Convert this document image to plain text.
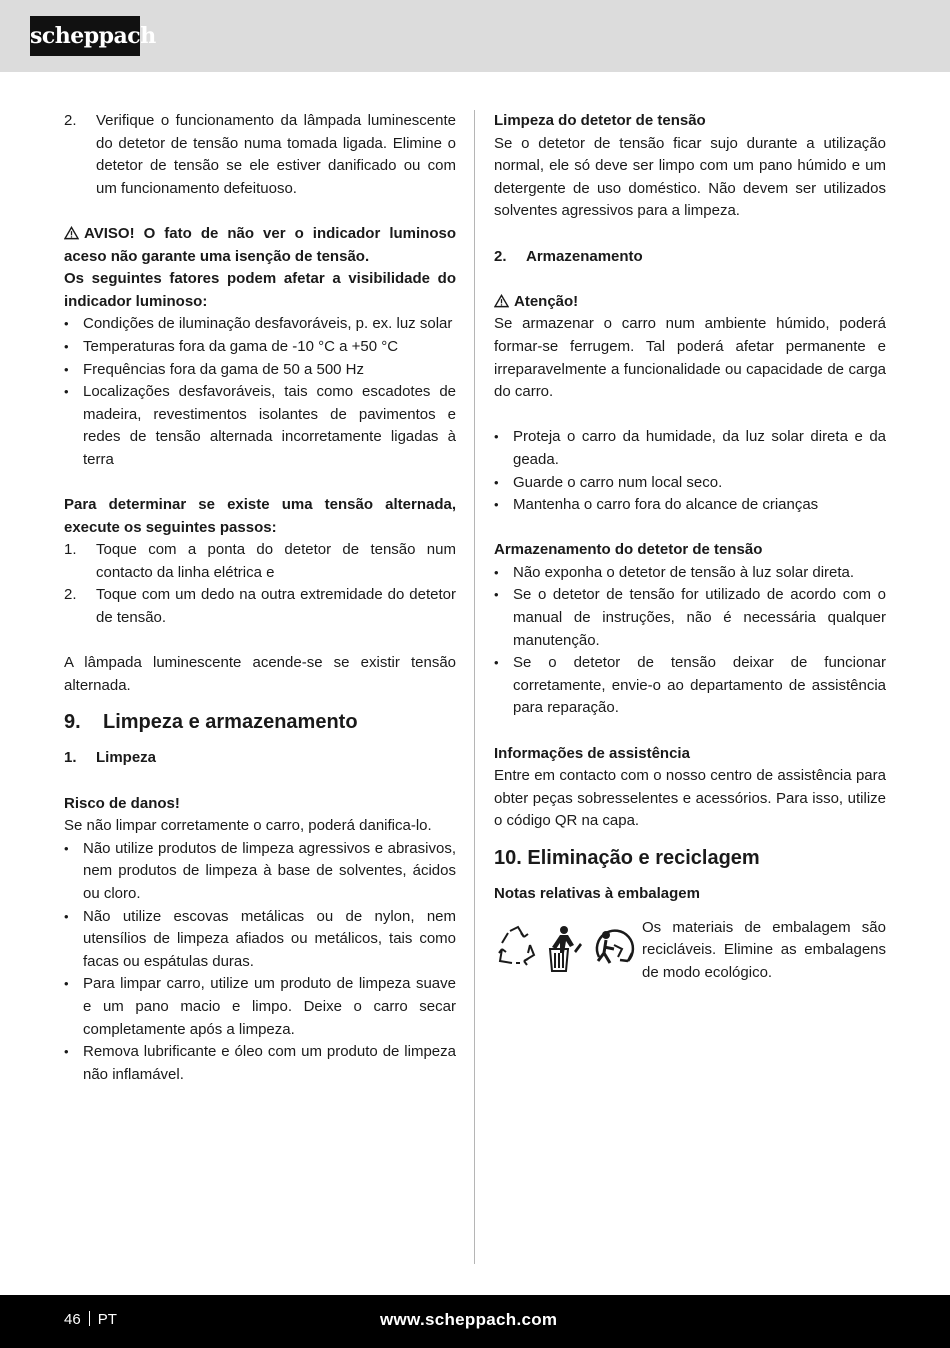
scheppach
2. Verifique o funcionamento da lâmpada luminescente do detetor de tensão numa tomada ligada. Elimine o detetor de tensão se ele estiver danificado ou com um funcionamento defeituoso.

AVISO! O fato de não ver o indicador luminoso aceso não garante uma isenção de tensão.

Os seguintes fatores podem afetar a visibilidade do indicador luminoso:

• Condições de iluminação desfavoráveis, p. ex. luz solar
• Temperaturas fora da gama de -10 °C a +50 °C
• Frequências fora da gama de 50 a 500 Hz
• Localizações desfavoráveis, tais como escadotes de madeira, revestimentos isolantes de pavimentos e redes de tensão alternada incorretamente ligadas à terra

Para determinar se existe uma tensão alternada, execute os seguintes passos:

1. Toque com a ponta do detetor de tensão num contacto da linha elétrica e
2. Toque com um dedo na outra extremidade do detetor de tensão.

A lâmpada luminescente acende-se se existir tensão alternada.

9. Limpeza e armazenamento
1. Limpeza

Risco de danos!

Se não limpar corretamente o carro, poderá danifica-lo.

• Não utilize produtos de limpeza agressivos e abrasivos, nem produtos de limpeza à base de solventes, ácidos ou cloro.
• Não utilize escovas metálicas ou de nylon, nem utensílios de limpeza afiados ou metálicos, tais como facas ou espátulas duras.
• Para limpar carro, utilize um produto de limpeza suave e um pano macio e limpo. Deixe o carro secar completamente após a limpeza.
• Remova lubrificante e óleo com um produto de limpeza não inflamável.

Limpeza do detetor de tensão

Se o detetor de tensão ficar sujo durante a utilização normal, ele só deve ser limpo com um pano húmido e um detergente de uso doméstico. Não devem ser utilizados solventes agressivos para a limpeza.

2. Armazenamento

Atenção!

Se armazenar o carro num ambiente húmido, poderá formar-se ferrugem. Tal poderá afetar permanente e irreparavelmente a funcionalidade ou capacidade de carga do carro.

• Proteja o carro da humidade, da luz solar direta e da geada.
• Guarde o carro num local seco.
• Mantenha o carro fora do alcance de crianças

Armazenamento do detetor de tensão

• Não exponha o detetor de tensão à luz solar direta.
• Se o detetor de tensão for utilizado de acordo com o manual de instruções, não é necessária qualquer manutenção.
• Se o detetor de tensão deixar de funcionar corretamente, envie-o ao departamento de assistência para reparação.

Informações de assistência

Entre em contacto com o nosso centro de assistência para obter peças sobresselentes e acessórios. Para isso, utilize o código QR na capa.

10. Eliminação e reciclagem

Notas relativas à embalagem

Os materiais de embalagem são recicláveis. Elimine as embalagens de modo ecológico.

46 PT	www.scheppach.com
